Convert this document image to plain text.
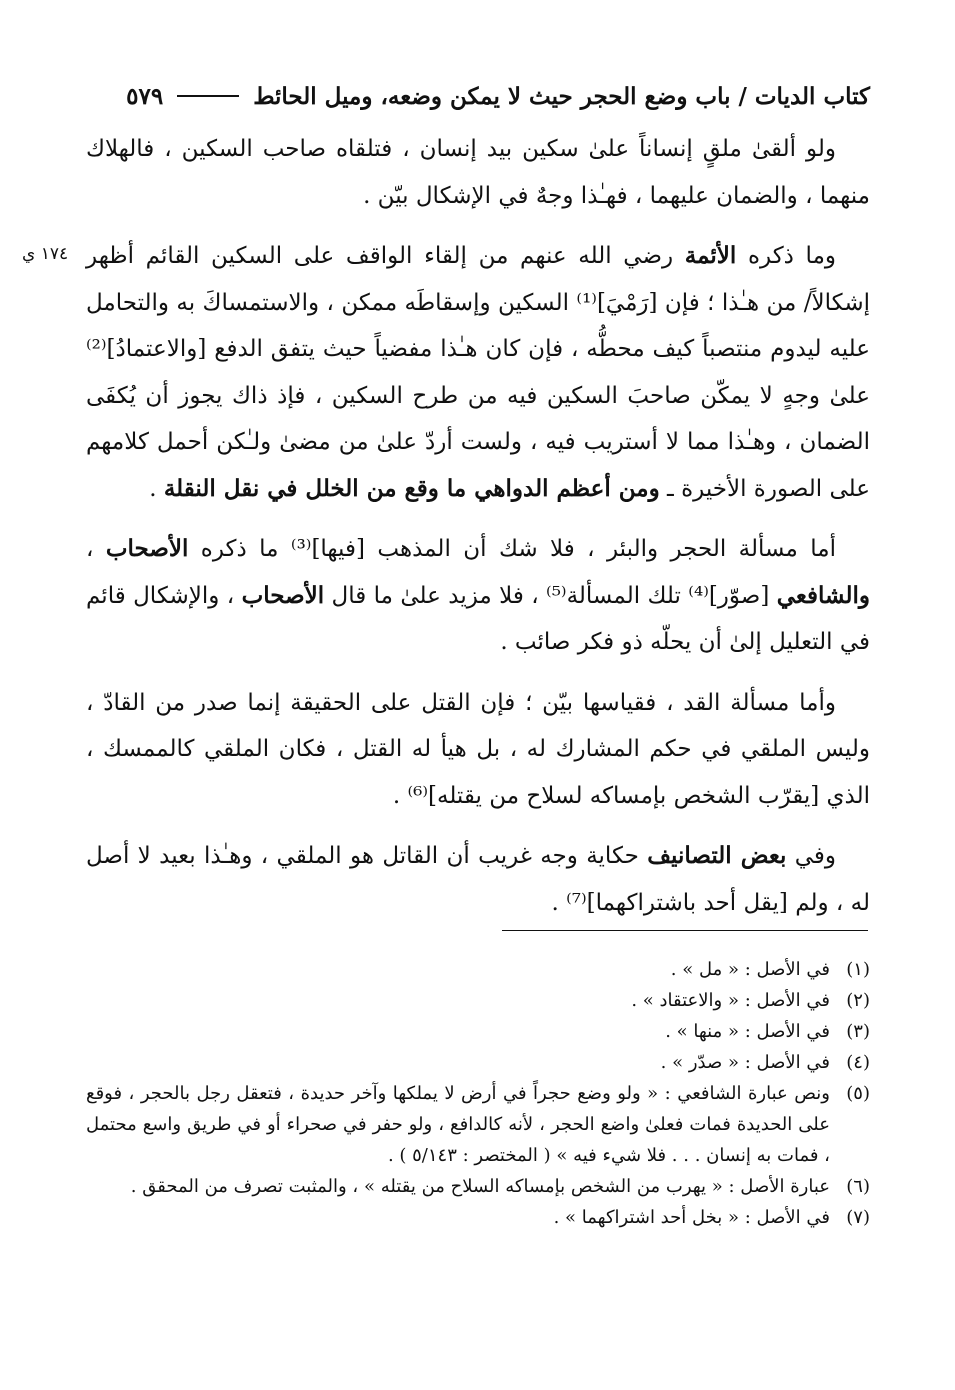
كتاب الديات / باب وضع الحجر حيث لا يمكن وضعه، وميل الحائط
٥٧٩
١٧٤ ي

ولو ألقىٰ ملقٍ إنساناً علىٰ سكين بيد إنسان ، فتلقاه صاحب السكين ، فالهلاك منهما ، والضمان عليهما ، فهـٰذا وجهٌ في الإشكال بيّن .

وما ذكره الأئمة رضي الله عنهم من إلقاء الواقف على السكين القائم أظهر إشكالاً/ من هـٰذا ؛ فإن [رَمْيَ]⁽¹⁾ السكين وإسقاطَه ممكن ، والاستمساكَ به والتحامل عليه ليدوم منتصباً كيف محطُّه ، فإن كان هـٰذا مفضياً حيث يتفق الدفع [والاعتمادُ]⁽²⁾ علىٰ وجهٍ لا يمكّن صاحبَ السكين فيه من طرح السكين ، فإذ ذاك يجوز أن يُكفَى الضمان ، وهـٰذا مما لا أستريب فيه ، ولست أردّ علىٰ من مضىٰ ولـٰكن أحمل كلامهم على الصورة الأخيرة ـ ومن أعظم الدواهي ما وقع من الخلل في نقل النقلة .

أما مسألة الحجر والبئر ، فلا شك أن المذهب [فيها]⁽³⁾ ما ذكره الأصحاب ، والشافعي [صوّر]⁽⁴⁾ تلك المسألة⁽⁵⁾ ، فلا مزيد علىٰ ما قال الأصحاب ، والإشكال قائم في التعليل إلىٰ أن يحلّه ذو فكر صائب .

وأما مسألة القد ، فقياسها بيّن ؛ فإن القتل على الحقيقة إنما صدر من القادّ ، وليس الملقي في حكم المشارك له ، بل هيأ له القتل ، فكان الملقي كالممسك ، الذي [يقرّب الشخص بإمساكه لسلاح من يقتله]⁽⁶⁾ .

وفي بعض التصانيف حكاية وجه غريب أن القاتل هو الملقي ، وهـٰذا بعيد لا أصل له ، ولم [يقل أحد باشتراكهما]⁽⁷⁾ .

(١)
في الأصل : « مل » .
(٢)
في الأصل : « والاعتقاد » .
(٣)
في الأصل : « منها » .
(٤)
في الأصل : « صدّر » .
(٥)
ونص عبارة الشافعي : « ولو وضع حجراً في أرض لا يملكها وآخر حديدة ، فتعقل رجل بالحجر ، فوقع على الحديدة فمات فعلىٰ واضع الحجر ، لأنه كالدافع ، ولو حفر في صحراء أو في طريق واسع محتمل ، فمات به إنسان . . . فلا شيء فيه » ( المختصر : ٥/١٤٣ ) .
(٦)
عبارة الأصل : « يهرب من الشخص بإمساكه السلاح من يقتله » ، والمثبت تصرف من المحقق .
(٧)
في الأصل : « بخل أحد اشتراكهما » .
